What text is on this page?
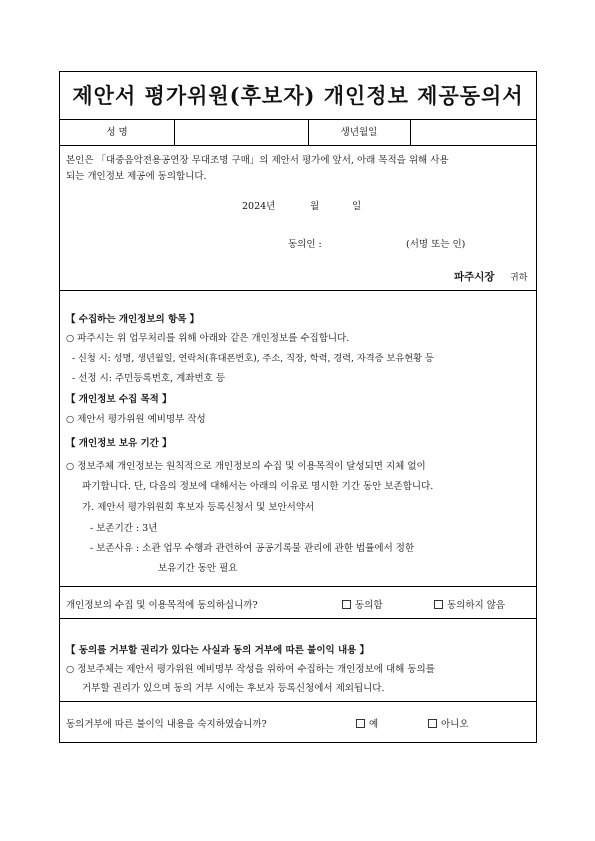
제안서 평가위원(후보자) 개인정보 제공동의서
성 명	생년월일
본인은 「대중음악전용공연장 무대조명 구매」의 제안서 평가에 앞서, 아래 목적을 위해 사용
되는 개인정보 제공에 동의합니다.
2024년	월	일
동의인 :	(서명 또는 인)
파주시장 귀하
【 수집하는 개인정보의 항목 】
○ 파주시는 위 업무처리를 위해 아래와 같은 개인정보를 수집합니다.
- 신청 시: 성명, 생년월일, 연락처(휴대폰번호), 주소, 직장, 학력, 경력, 자격증 보유현황 등
- 선정 시: 주민등록번호, 계좌번호 등
【 개인정보 수집 목적 】
○ 제안서 평가위원 예비명부 작성
【 개인정보 보유 기간 】
○ 정보주체 개인정보는 원칙적으로 개인정보의 수집 및 이용목적이 달성되면 지체 없이
파기합니다. 단, 다음의 정보에 대해서는 아래의 이유로 명시한 기간 동안 보존합니다.
가. 제안서 평가위원회 후보자 등록신청서 및 보안서약서
- 보존기간 : 3년
- 보존사유 : 소관 업무 수행과 관련하여 공공기록물 관리에 관한 법률에서 정한
보유기간 동안 필요
개인정보의 수집 및 이용목적에 동의하십니까?	동의함	동의하지 않음
【 동의를 거부할 권리가 있다는 사실과 동의 거부에 따른 불이익 내용 】
○ 정보주체는 제안서 평가위원 예비명부 작성을 위하여 수집하는 개인정보에 대해 동의를
거부할 권리가 있으며 동의 거부 시에는 후보자 등록신청에서 제외됩니다.
동의거부에 따른 불이익 내용을 숙지하였습니까?	예	아니오
